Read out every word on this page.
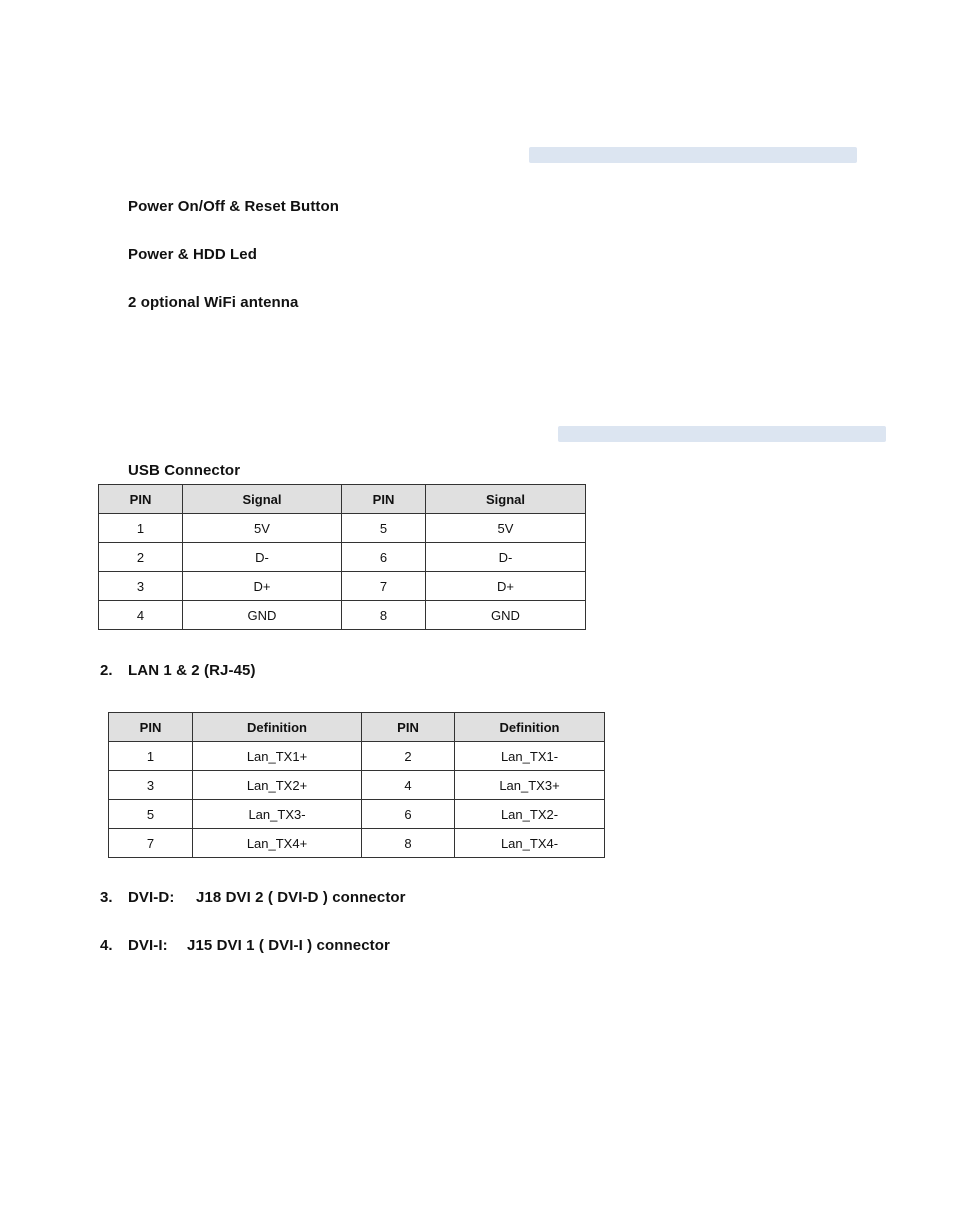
Power On/Off & Reset Button
Power & HDD Led
2 optional WiFi antenna
USB Connector
PIN	Signal	PIN	Signal
1	5V	5	5V
2	D-	6	D-
3	D+	7	D+
4	GND	8	GND
2. LAN 1 & 2 (RJ-45)
PIN	Definition	PIN	Definition
1	Lan_TX1+	2	Lan_TX1-
3	Lan_TX2+	4	Lan_TX3+
5	Lan_TX3-	6	Lan_TX2-
7	Lan_TX4+	8	Lan_TX4-
3. DVI-D: J18 DVI 2 ( DVI-D ) connector
4. DVI-I: J15 DVI 1 ( DVI-I ) connector
